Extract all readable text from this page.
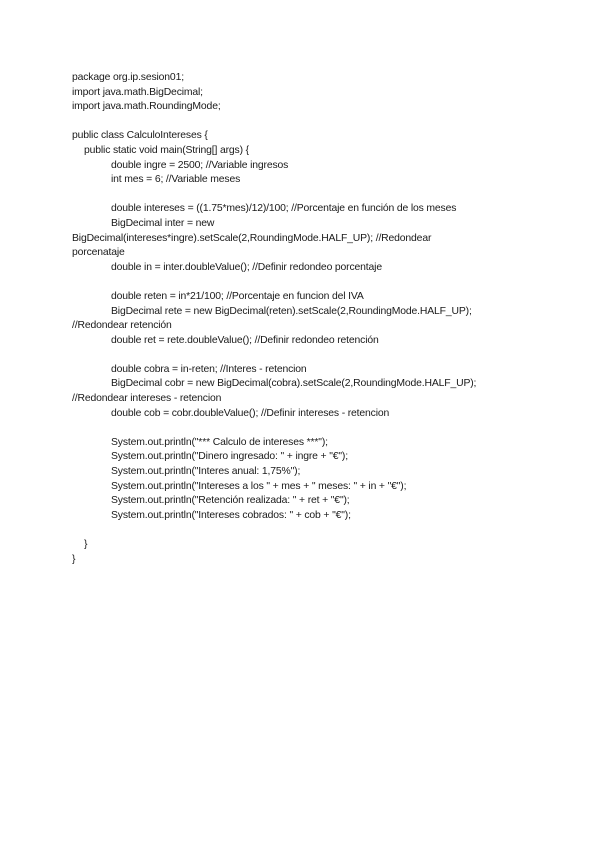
package org.ip.sesion01;
import java.math.BigDecimal;
import java.math.RoundingMode;
public class CalculoIntereses {
public static void main(String[] args) {
double ingre = 2500; //Variable ingresos
int mes = 6; //Variable meses
double intereses = ((1.75*mes)/12)/100; //Porcentaje en función de los meses
BigDecimal inter = new
BigDecimal(intereses*ingre).setScale(2,RoundingMode.HALF_UP); //Redondear
porcenataje
double in = inter.doubleValue(); //Definir redondeo porcentaje
double reten = in*21/100; //Porcentaje en funcion del IVA
BigDecimal rete = new BigDecimal(reten).setScale(2,RoundingMode.HALF_UP);
//Redondear retención
double ret = rete.doubleValue(); //Definir redondeo retención
double cobra = in-reten; //Interes - retencion
BigDecimal cobr = new BigDecimal(cobra).setScale(2,RoundingMode.HALF_UP);
//Redondear intereses - retencion
double cob = cobr.doubleValue(); //Definir intereses - retencion
System.out.println("*** Calculo de intereses ***");
System.out.println("Dinero ingresado: " + ingre + "€");
System.out.println("Interes anual: 1,75%");
System.out.println("Intereses a los " + mes + " meses: " + in + "€");
System.out.println("Retención realizada: " + ret + "€");
System.out.println("Intereses cobrados: " + cob + "€");
}
}
